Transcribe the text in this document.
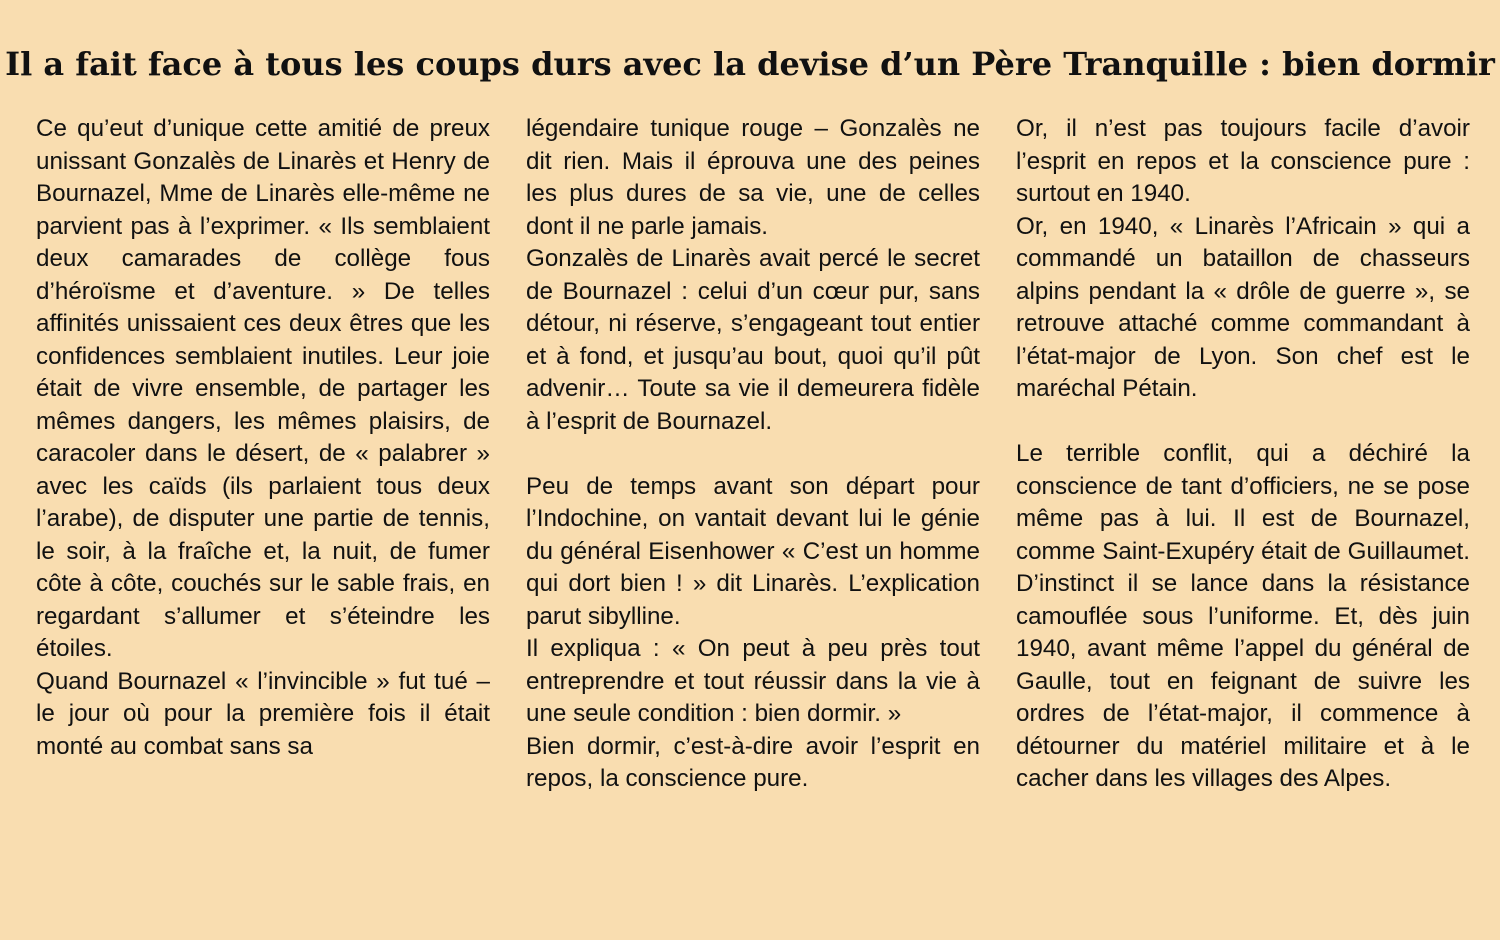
Il a fait face à tous les coups durs avec la devise d’un Père Tranquille : bien dormir

Ce qu’eut d’unique cette amitié de preux unissant Gonzalès de Linarès et Henry de Bournazel, Mme de Linarès elle-même ne parvient pas à l’exprimer. « Ils semblaient deux camarades de collège fous d’héroïsme et d’aventure. » De telles affinités unissaient ces deux êtres que les confidences semblaient inutiles. Leur joie était de vivre ensemble, de partager les mêmes dangers, les mêmes plaisirs, de caracoler dans le désert, de « palabrer » avec les caïds (ils parlaient tous deux l’arabe), de disputer une partie de tennis, le soir, à la fraîche et, la nuit, de fumer côte à côte, couchés sur le sable frais, en regardant s’allumer et s’éteindre les étoiles.

Quand Bournazel « l’invincible » fut tué – le jour où pour la première fois il était monté au combat sans sa

légendaire tunique rouge – Gonzalès ne dit rien. Mais il éprouva une des peines les plus dures de sa vie, une de celles dont il ne parle jamais.

Gonzalès de Linarès avait percé le secret de Bournazel : celui d’un cœur pur, sans détour, ni réserve, s’engageant tout entier et à fond, et jusqu’au bout, quoi qu’il pût advenir… Toute sa vie il demeurera fidèle à l’esprit de Bournazel.

Peu de temps avant son départ pour l’Indochine, on vantait devant lui le génie du général Eisenhower « C’est un homme qui dort bien ! » dit Linarès. L’explication parut sibylline.

Il expliqua : « On peut à peu près tout entreprendre et tout réussir dans la vie à une seule condition : bien dormir. »

Bien dormir, c’est-à-dire avoir l’esprit en repos, la conscience pure.

Or, il n’est pas toujours facile d’avoir l’esprit en repos et la conscience pure : surtout en 1940.

Or, en 1940, « Linarès l’Africain » qui a commandé un bataillon de chasseurs alpins pendant la « drôle de guerre », se retrouve attaché comme commandant à l’état-major de Lyon. Son chef est le maréchal Pétain.

Le terrible conflit, qui a déchiré la conscience de tant d’officiers, ne se pose même pas à lui. Il est de Bournazel, comme Saint-Exupéry était de Guillaumet. D’instinct il se lance dans la résistance camouflée sous l’uniforme. Et, dès juin 1940, avant même l’appel du général de Gaulle, tout en feignant de suivre les ordres de l’état-major, il commence à détourner du matériel militaire et à le cacher dans les villages des Alpes.
